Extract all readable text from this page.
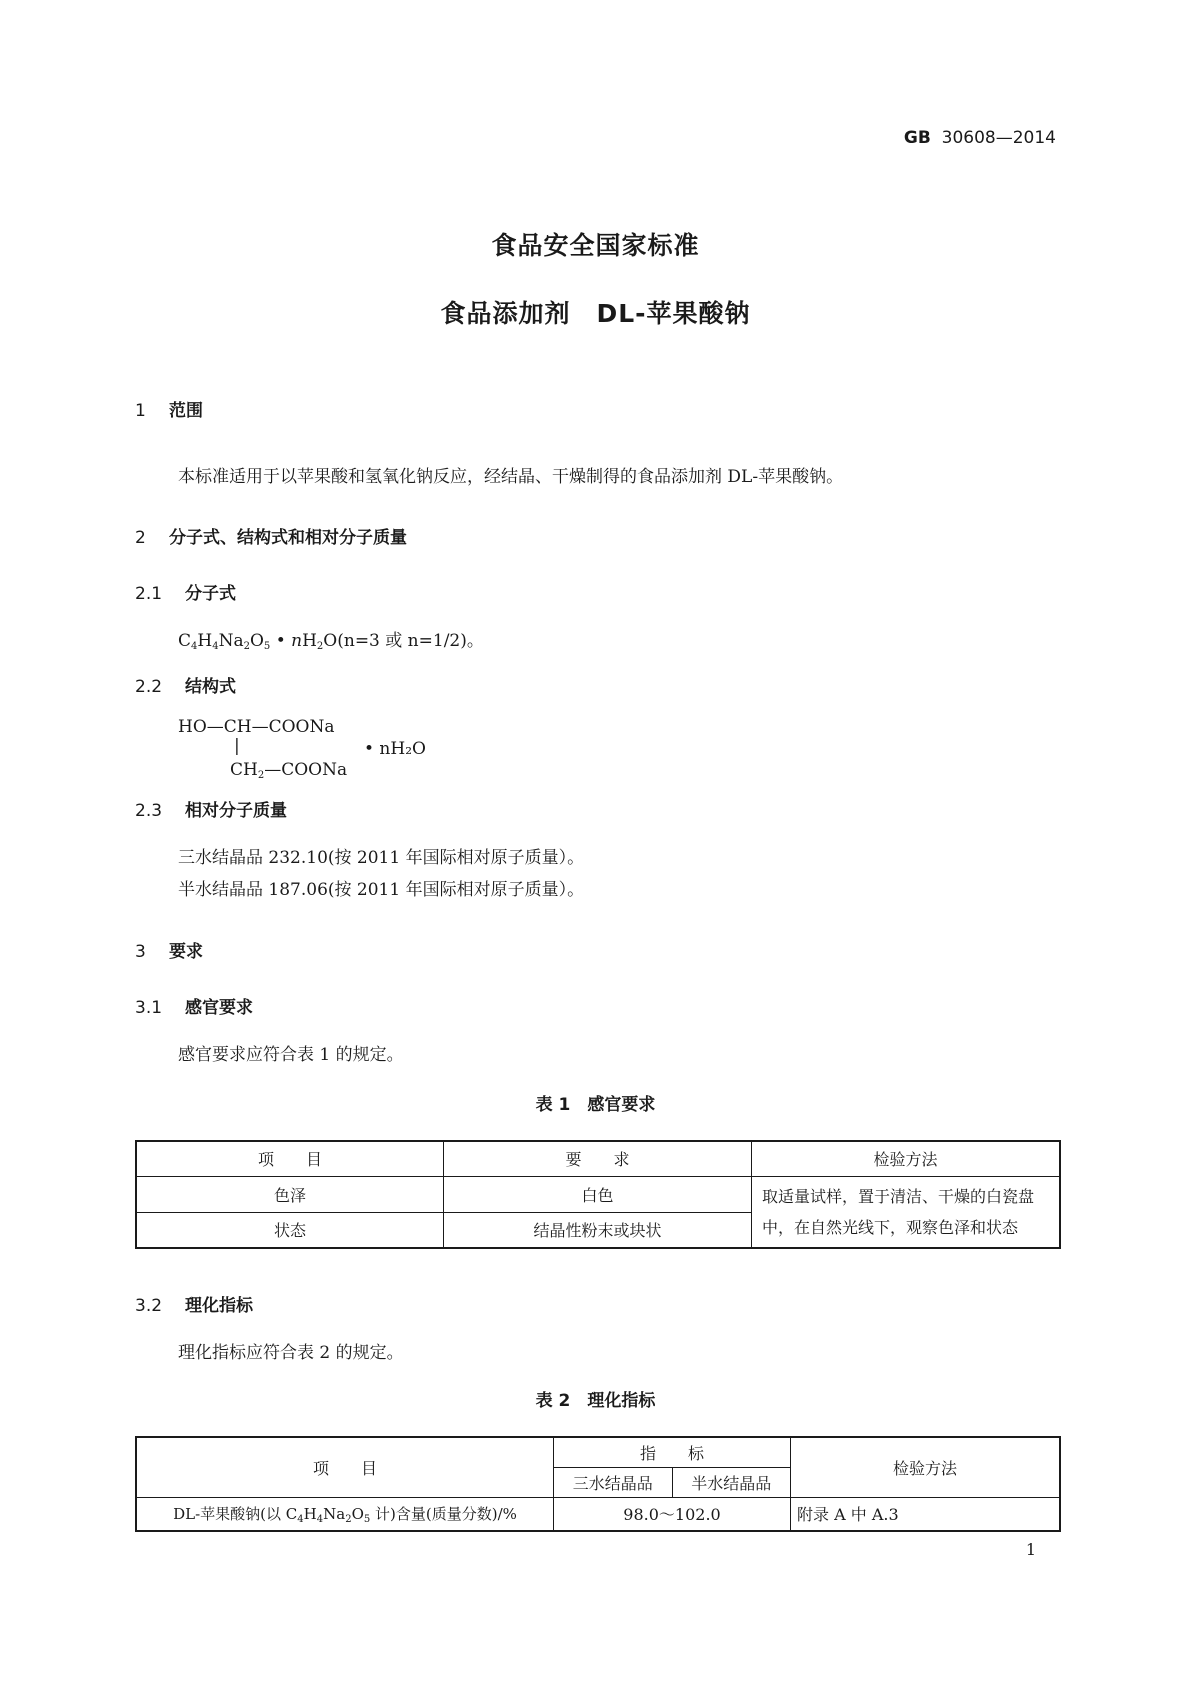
GB 30608—2014
食品安全国家标准
食品添加剂　DL-苹果酸钠
1 范围
本标准适用于以苹果酸和氢氧化钠反应，经结晶、干燥制得的食品添加剂 DL-苹果酸钠。
2 分子式、结构式和相对分子质量
2.1 分子式
$C_4H_4Na_2O_5$ • $nH_2O(n=3$ 或 n=1/2)。
2.2 结构式
HO—CH—COONa
|	• nH₂O
$CH_2—COONa$
2.3 相对分子质量
三水结晶品 232.10(按 2011 年国际相对原子质量）。
半水结晶品 187.06(按 2011 年国际相对原子质量）。
3 要求
3.1 感官要求
感官要求应符合表 1 的规定。
表 1　感官要求
项　　目	要　　求	检验方法
色泽	白色	取适量试样，置于清洁、干燥的白瓷盘中，在自然光线下，观察色泽和状态
状态	结晶性粉末或块状	
3.2 理化指标
理化指标应符合表 2 的规定。
表 2　理化指标
项　　目	指　　标		检验方法
	三水结晶品	半水结晶品	
DL-苹果酸钠(以 $C_4H_4Na_2O_5$ 计)含量(质量分数)/%	98.0～102.0		附录 A 中 A.3
1
